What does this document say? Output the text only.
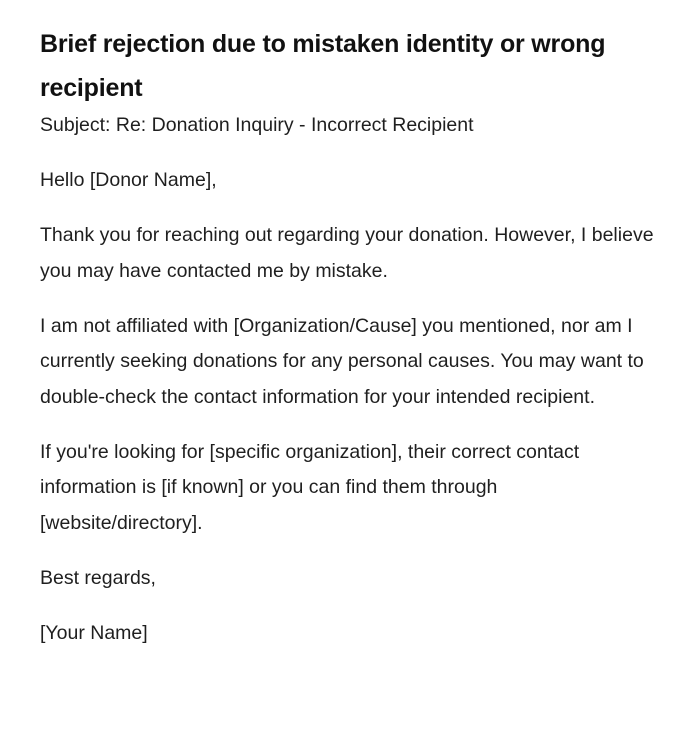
Brief rejection due to mistaken identity or wrong recipient

Subject: Re: Donation Inquiry - Incorrect Recipient

Hello [Donor Name],

Thank you for reaching out regarding your donation. However, I believe you may have contacted me by mistake.

I am not affiliated with [Organization/Cause] you mentioned, nor am I currently seeking donations for any personal causes. You may want to double-check the contact information for your intended recipient.

If you're looking for [specific organization], their correct contact information is [if known] or you can find them through [website/directory].

Best regards,

[Your Name]
